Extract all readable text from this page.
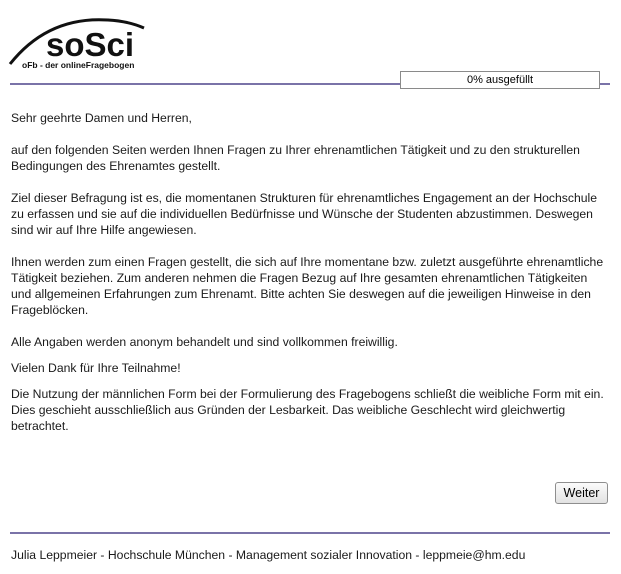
soSci
oFb - der onlineFragebogen
0% ausgefüllt

Sehr geehrte Damen und Herren,

auf den folgenden Seiten werden Ihnen Fragen zu Ihrer ehrenamtlichen Tätigkeit und zu den strukturellen Bedingungen des Ehrenamtes gestellt.

Ziel dieser Befragung ist es, die momentanen Strukturen für ehrenamtliches Engagement an der Hochschule zu erfassen und sie auf die individuellen Bedürfnisse und Wünsche der Studenten abzustimmen. Deswegen sind wir auf Ihre Hilfe angewiesen.

Ihnen werden zum einen Fragen gestellt, die sich auf Ihre momentane bzw. zuletzt ausgeführte ehrenamtliche Tätigkeit beziehen. Zum anderen nehmen die Fragen Bezug auf Ihre gesamten ehrenamtlichen Tätigkeiten und allgemeinen Erfahrungen zum Ehrenamt. Bitte achten Sie deswegen auf die jeweiligen Hinweise in den Frageblöcken.

Alle Angaben werden anonym behandelt und sind vollkommen freiwillig.

Vielen Dank für Ihre Teilnahme!

Die Nutzung der männlichen Form bei der Formulierung des Fragebogens schließt die weibliche Form mit ein. Dies geschieht ausschließlich aus Gründen der Lesbarkeit. Das weibliche Geschlecht wird gleichwertig betrachtet.

Weiter
Julia Leppmeier - Hochschule München - Management sozialer Innovation - leppmeie@hm.edu
